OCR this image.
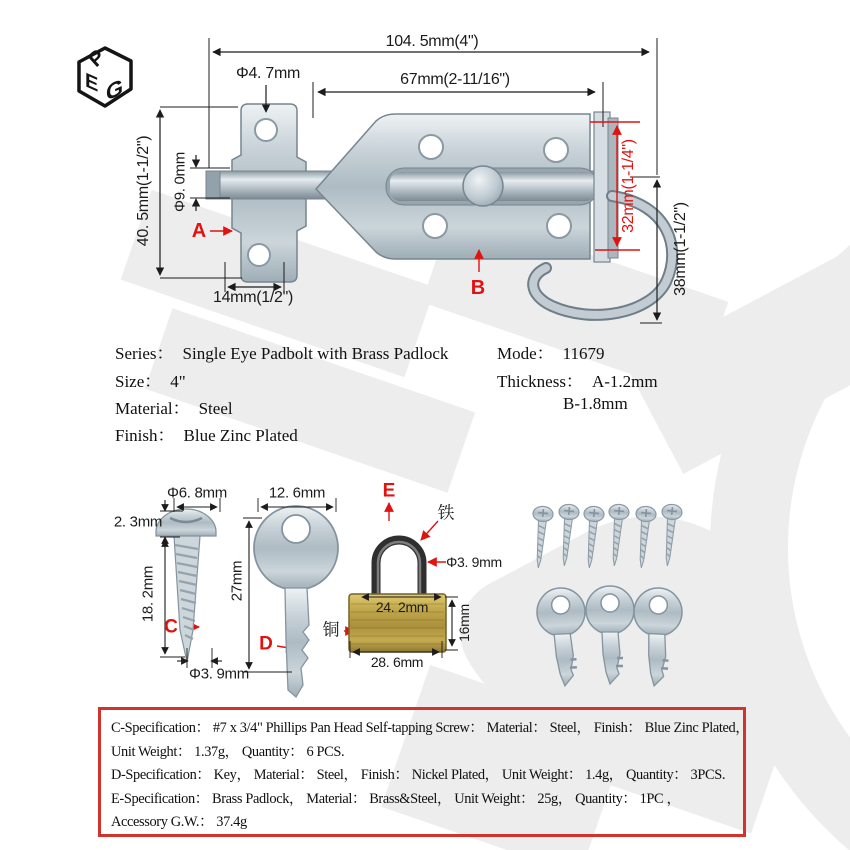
P
E G
104. 5mm(4")
Φ4. 7mm	67mm(2-11/16")
Φ9. 0mm
40. 5mm(1-1/2")
14mm(1/2")
32mm(1-1/4")
38mm(1-1/2")
A
B
Series： Single Eye Padbolt with Brass Padlock
Size： 4"
Material： Steel
Finish： Blue Zinc Plated
Mode： 11679
Thickness： A-1.2mm
B-1.8mm
Φ6. 8mm
2. 3mm
18. 2mm
Φ3. 9mm
C
12. 6mm
27mm
D
E
铁
Φ3. 9mm
24. 2mm 16mm
28. 6mm
铜
C-Specification： #7 x 3/4" Phillips Pan Head Self-tapping Screw： Material： Steel， Finish： Blue Zinc Plated，
Unit Weight： 1.37g， Quantity： 6 PCS.
D-Specification： Key， Material： Steel， Finish： Nickel Plated， Unit Weight： 1.4g， Quantity： 3PCS.
E-Specification： Brass Padlock， Material： Brass&Steel， Unit Weight： 25g， Quantity： 1PC ，
Accessory G.W.： 37.4g
